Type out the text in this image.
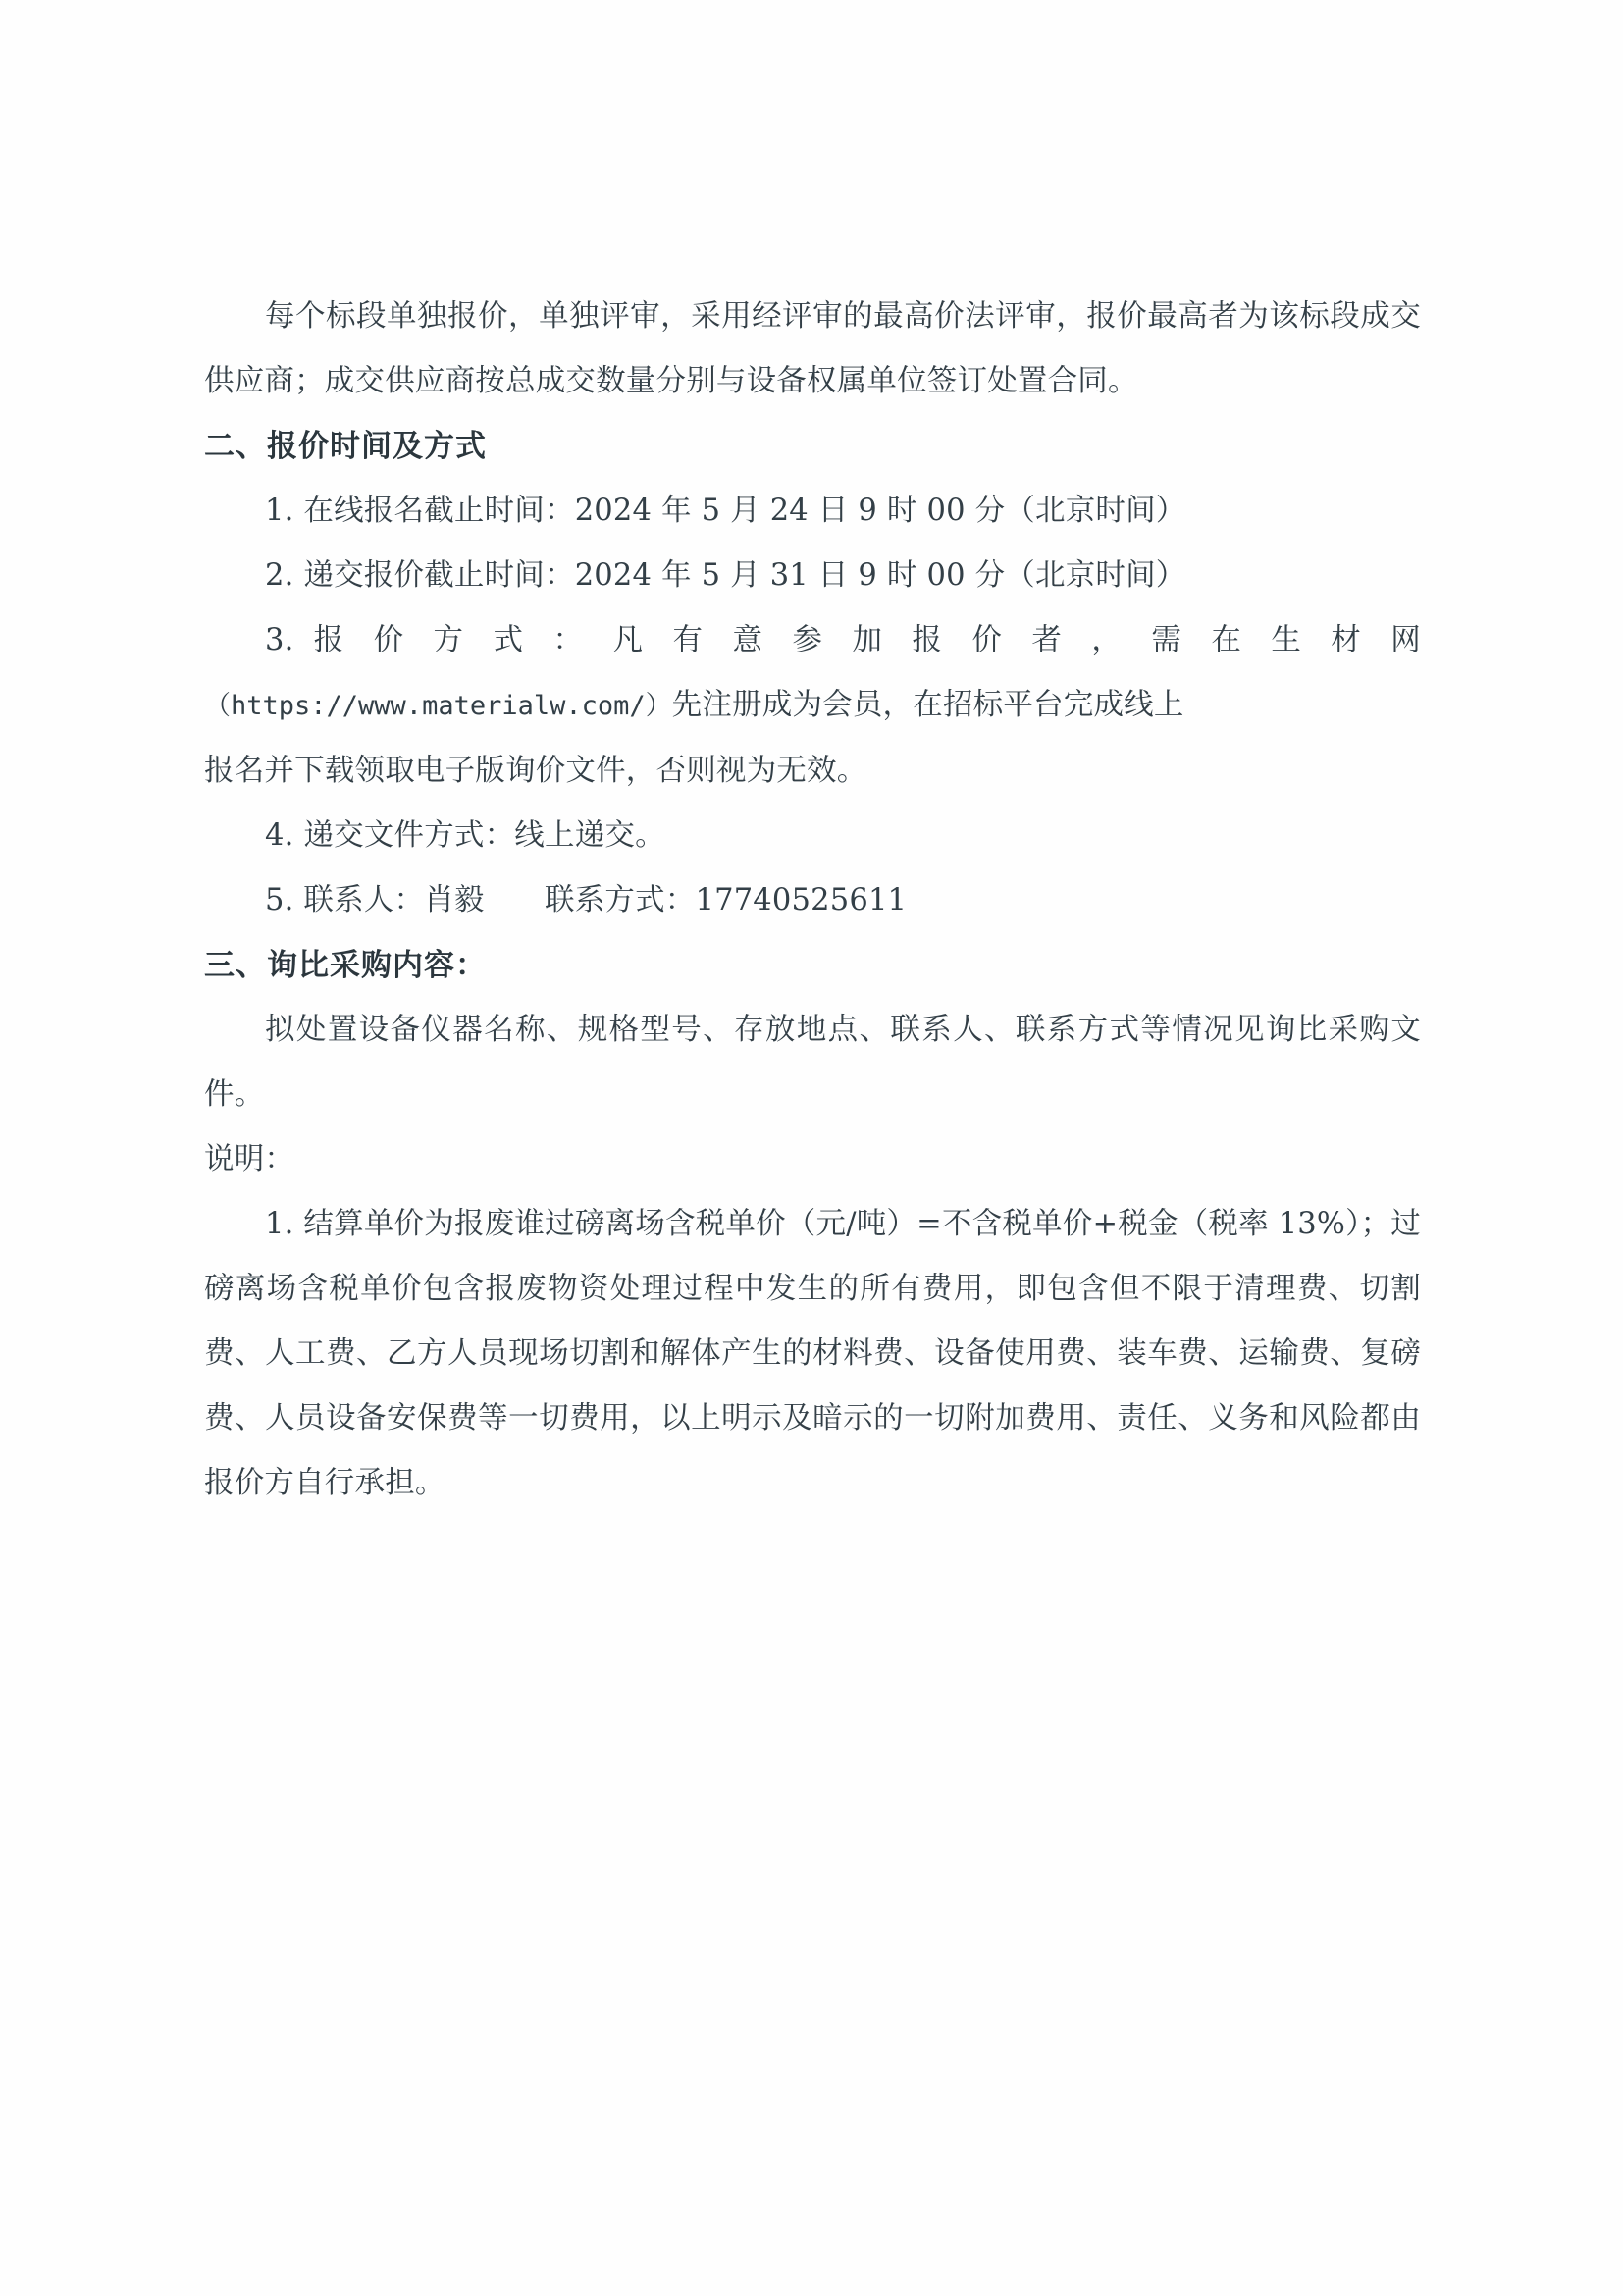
每个标段单独报价，单独评审，采用经评审的最高价法评审，报价最高者为该标段成交供应商；成交供应商按总成交数量分别与设备权属单位签订处置合同。

二、报价时间及方式

1. 在线报名截止时间：2024 年 5 月 24 日 9 时 00 分（北京时间）

2. 递交报价截止时间：2024 年 5 月 31 日 9 时 00 分（北京时间）

3. 报 价 方 式 ： 凡 有 意 参 加 报 价 者 ， 需 在 生 材 网

（https://www.materialw.com/）先注册成为会员，在招标平台完成线上

报名并下载领取电子版询价文件，否则视为无效。

4. 递交文件方式：线上递交。

5. 联系人：肖毅　　联系方式：17740525611

三、询比采购内容：

拟处置设备仪器名称、规格型号、存放地点、联系人、联系方式等情况见询比采购文件。

说明：

1. 结算单价为报废谁过磅离场含税单价（元/吨）=不含税单价+税金（税率 13%）；过磅离场含税单价包含报废物资处理过程中发生的所有费用，即包含但不限于清理费、切割费、人工费、乙方人员现场切割和解体产生的材料费、设备使用费、装车费、运输费、复磅费、人员设备安保费等一切费用，以上明示及暗示的一切附加费用、责任、义务和风险都由报价方自行承担。
